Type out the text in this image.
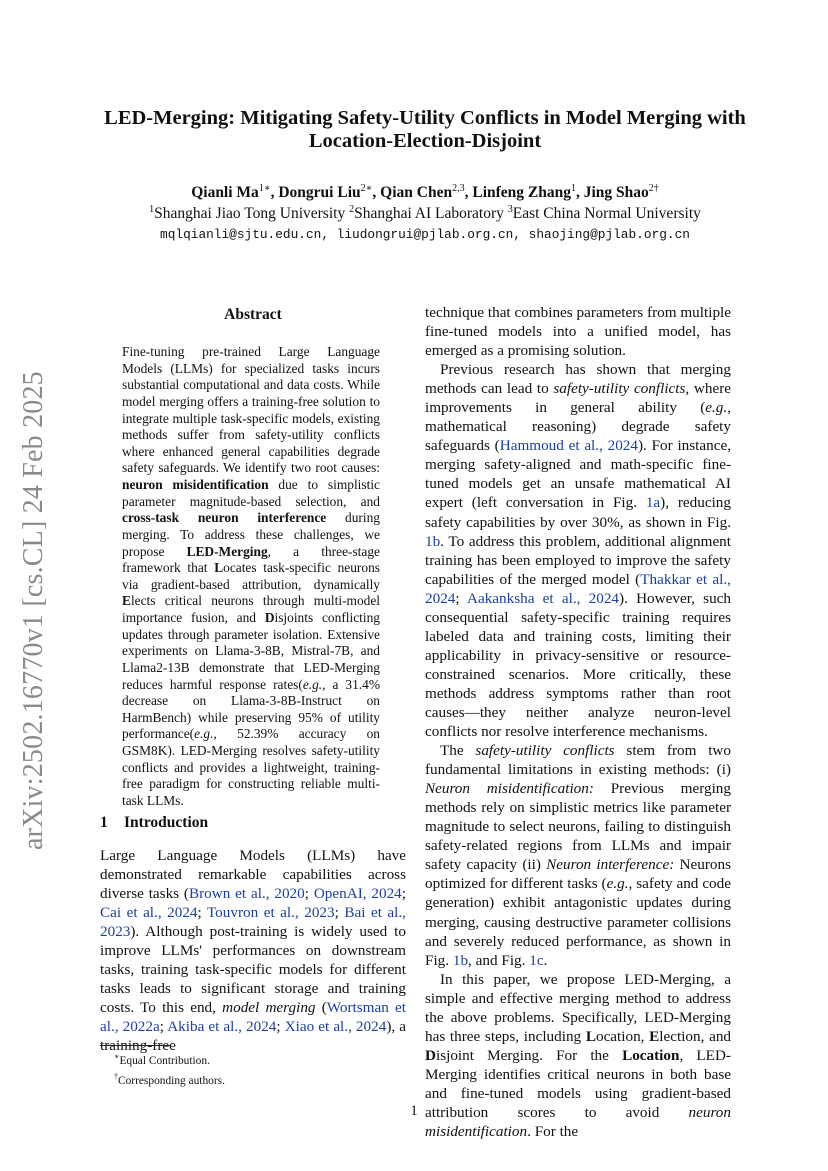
arXiv:2502.16770v1 [cs.CL] 24 Feb 2025
LED-Merging: Mitigating Safety-Utility Conflicts in Model Merging with
Location-Election-Disjoint
Qianli $Ma^{1∗}$, Dongrui Liu$^{2∗}$, Qian Chen$^{2,3}$, Linfeng Zhang$^1$, Jing Shao$^{2\dagger}$
$^1$Shanghai Jiao Tong University $^2$Shanghai AI Laboratory $^3$East China Normal University
mqlqianli@sjtu.edu.cn, liudongrui@pjlab.org.cn, shaojing@pjlab.org.cn
Abstract
Fine-tuning pre-trained Large Language Models (LLMs) for specialized tasks incurs substantial computational and data costs. While model merging offers a training-free solution to integrate multiple task-specific models, existing methods suffer from safety-utility conflicts where enhanced general capabilities degrade safety safeguards. We identify two root causes: neuron misidentification due to simplistic parameter magnitude-based selection, and cross-task neuron interference during merging. To address these challenges, we propose LED-Merging, a three-stage framework that Locates task-specific neurons via gradient-based attribution, dynamically Elects critical neurons through multi-model importance fusion, and Disjoints conflicting updates through parameter isolation. Extensive experiments on Llama-3-8B, Mistral-7B, and Llama2-13B demonstrate that LED-Merging reduces harmful response rates(e.g., a 31.4% decrease on Llama-3-8B-Instruct on HarmBench) while preserving 95% of utility performance(e.g., 52.39% accuracy on GSM8K). LED-Merging resolves safety-utility conflicts and provides a lightweight, training-free paradigm for constructing reliable multi-task LLMs.
1 Introduction
Large Language Models (LLMs) have demonstrated remarkable capabilities across diverse tasks (Brown et al., 2020; OpenAI, 2024; Cai et al., 2024; Touvron et al., 2023; Bai et al., 2023). Although post-training is widely used to improve LLMs' performances on downstream tasks, training task-specific models for different tasks leads to significant storage and training costs. To this end, model merging (Wortsman et al., 2022a; Akiba et al., 2024; Xiao et al., 2024), a training-free

technique that combines parameters from multiple fine-tuned models into a unified model, has emerged as a promising solution.

Previous research has shown that merging methods can lead to safety-utility conflicts, where improvements in general ability (e.g., mathematical reasoning) degrade safety safeguards (Hammoud et al., 2024). For instance, merging safety-aligned and math-specific fine-tuned models get an unsafe mathematical AI expert (left conversation in Fig. 1a), reducing safety capabilities by over 30%, as shown in Fig. 1b. To address this problem, additional alignment training has been employed to improve the safety capabilities of the merged model (Thakkar et al., 2024; Aakanksha et al., 2024). However, such consequential safety-specific training requires labeled data and training costs, limiting their applicability in privacy-sensitive or resource-constrained scenarios. More critically, these methods address symptoms rather than root causes—they neither analyze neuron-level conflicts nor resolve interference mechanisms.

The safety-utility conflicts stem from two fundamental limitations in existing methods: (i) Neuron misidentification: Previous merging methods rely on simplistic metrics like parameter magnitude to select neurons, failing to distinguish safety-related regions from LLMs and impair safety capacity (ii) Neuron interference: Neurons optimized for different tasks (e.g., safety and code generation) exhibit antagonistic updates during merging, causing destructive parameter collisions and severely reduced performance, as shown in Fig. 1b, and Fig. 1c.

In this paper, we propose LED-Merging, a simple and effective merging method to address the above problems. Specifically, LED-Merging has three steps, including Location, Election, and Disjoint Merging. For the Location, LED-Merging identifies critical neurons in both base and fine-tuned models using gradient-based attribution scores to avoid neuron misidentification. For the

∗Equal Contribution.
†Corresponding authors.
1
